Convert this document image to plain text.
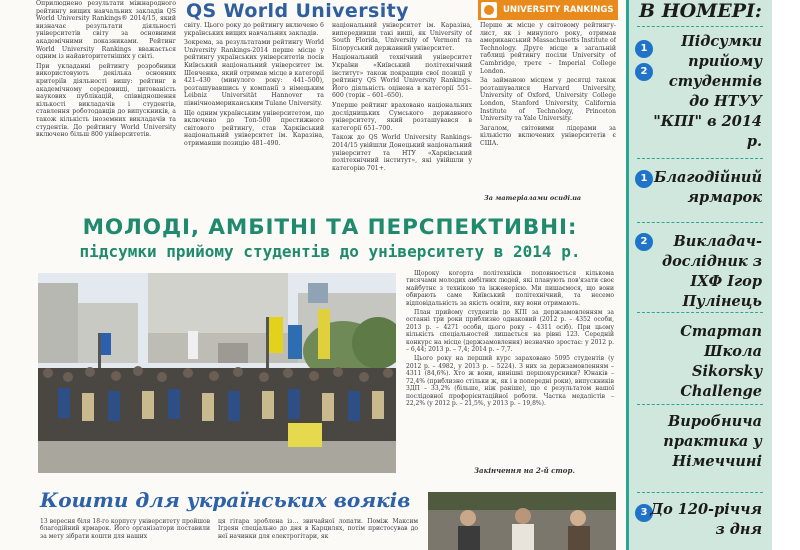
Оприлюднено результати міжнародного рейтингу вищих навчальних закладів QS World University Rankings® 2014/15, який визначає результати діяльності університетів світу за основними академічними показниками. Рейтинг World University Rankings вважається одним із найавторитетніших у світі.

При укладанні рейтингу розробники використовують декілька основних критеріїв діяльності вишу: рейтинг в академічному середовищі, цитованість наукових публікацій, співвідношення кількості викладачів і студентів, ставлення роботодавців до випускників, а також кількість іноземних викладачів та студентів. До рейтингу World University включено більш 800 університетів.

QS World University	UNIVERSITY RANKINGS

світу. Цього року до рейтингу включено 6 українських вищих навчальних закладів.

Зокрема, за результатами рейтингу World University Rankings-2014 перше місце у рейтингу українських університетів посів Київський національний університет ім. Шевченка, який отримав місце в категорії 421–430 (минулого року: 441–500), розташувавшись у компанії з німецьким Leibniz Universität Hannover та північноамериканським Tulane University.

Ще одним українським університетом, що включено до Топ-500 престижного світового рейтингу, став Харківський національний університет ім. Каразіна, отримавши позицію 481–490.

національний університет ім. Каразіна, випередивши такі виші, як University of South Florida, University of Vermont та Білоруський державний університет.

Національний технічний університет України «Київський політехнічний інститут» також покращив свої позиції у рейтингу QS World University Rankings. Його діяльність оцінена в категорії 551–600 (торік – 601–650).

Уперше рейтинг враховано національних дослідницьких Сумського державного університету, який розташувався в категорії 651–700.

Також до QS World University Rankings-2014/15 увійшли Донецький національний університет та НТУ «Харківський політехнічний інститут», які увійшли у категорію 701+.

Перше ж місце у світовому рейтингу-лист, як і минулого року, отримав американський Massachusetts Institute of Technology. Друге місце в загальній таблиці рейтингу посіли University of Cambridge, третє – Imperial College London.

За займаною місцем у десятці також розташувалися Harvard University, University of Oxford, University College London, Stanford University, California Institute of Technology, Princeton University та Yale University.

Загалом, світовими лідерами за кількістю включених університетів є США.

За матеріалами осиді.ua
МОЛОДІ, АМБІТНІ ТА ПЕРСПЕКТИВНІ:
підсумки прийому студентів до університету в 2014 р.

Щороку когорта політехніків поповнюється кількома тисячами молодих амбітних людей, які планують пов'язати своє майбутнє з технікою та інженерією. Ми пишаємося, що вони обирають саме Київський політехнічний, та несемо відповідальність за якість освіти, яку вони отримають.

План прийому студентів до КПІ за держзамовленням за останні три роки приблизно однаковий (2012 р. – 4352 особи, 2013 р. – 4271 особи, цього року – 4311 осіб). При цьому кількість спеціальностей лишається на рівні 123. Середній конкурс на місце (держзамовлення) незначно зростає: у 2012 р. – 6,44; 2013 р. – 7,4; 2014 р. – 7,7.

Цього року на перший курс зараховано 5095 студентів (у 2012 р. – 4982, у 2013 р. – 5224). З них за держзамовленням – 4311 (84,6%). Хто ж вони, нинішні першокурсники? Юнаків – 72,4% (приблизно стільки ж, як і в попередні роки), випускників ЗДП – 33,2% (більше, ніж раніше), що є результатом нашої послідовної профорієнтаційної роботи. Частка медалістів – 22,2% (у 2012 р. – 21,5%, у 2013 р. – 19,8%).

Закінчення на 2-й стор.
Кошти для українських вояків
13 вересня біля 18-го корпусу університету пройшов благодійний ярмарок. Його організатори поставили за мету зібрати кошти для наших
ця гітара зроблена із… звичайної лопати. Поміж Максим Ігдеян спеціально до дня в Карцилях, потім пристосував до неї начинки для електрогітари, як
В НОМЕРІ:
1
2
Підсумки прийому студентів до НТУУ "КПІ" в 2014 р.
1 Благодійний ярмарок
2	Викладач-дослідник з ІХФ Ігор Пулінець
Стартап Школа Sikorsky Challenge
Виробнича практика у Німеччині
3 До 120-річчя з дня
